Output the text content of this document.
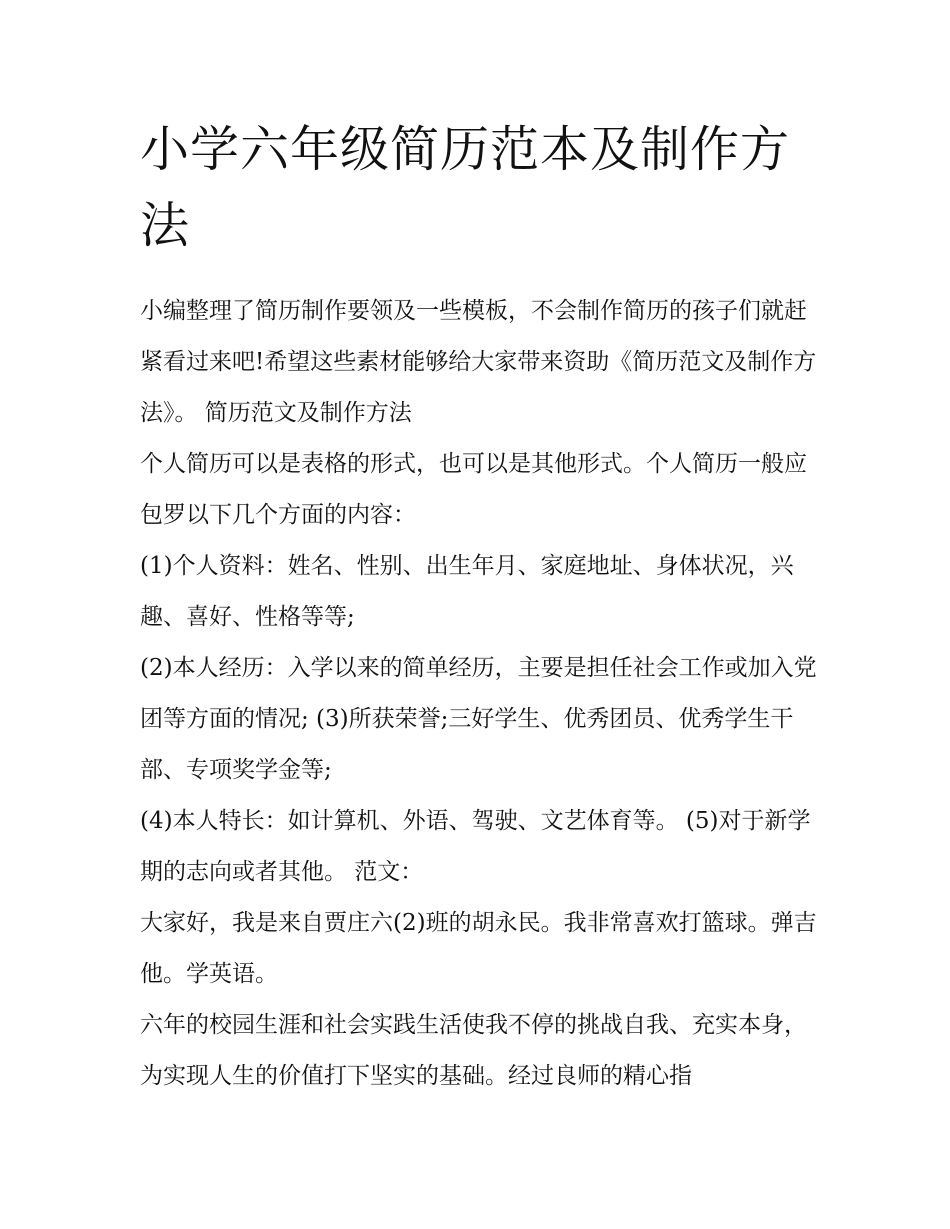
小学六年级简历范本及制作方法

小编整理了简历制作要领及一些模板，不会制作简历的孩子们就赶紧看过来吧!希望这些素材能够给大家带来资助《简历范文及制作方法》。 简历范文及制作方法

个人简历可以是表格的形式，也可以是其他形式。个人简历一般应包罗以下几个方面的内容：

(1)个人资料：姓名、性别、出生年月、家庭地址、身体状况，兴趣、喜好、性格等等;

(2)本人经历：入学以来的简单经历，主要是担任社会工作或加入党团等方面的情况; (3)所获荣誉;三好学生、优秀团员、优秀学生干部、专项奖学金等;

(4)本人特长：如计算机、外语、驾驶、文艺体育等。 (5)对于新学期的志向或者其他。 范文：

大家好，我是来自贾庄六(2)班的胡永民。我非常喜欢打篮球。弹吉他。学英语。

六年的校园生涯和社会实践生活使我不停的挑战自我、充实本身，为实现人生的价值打下坚实的基础。经过良师的精心指
